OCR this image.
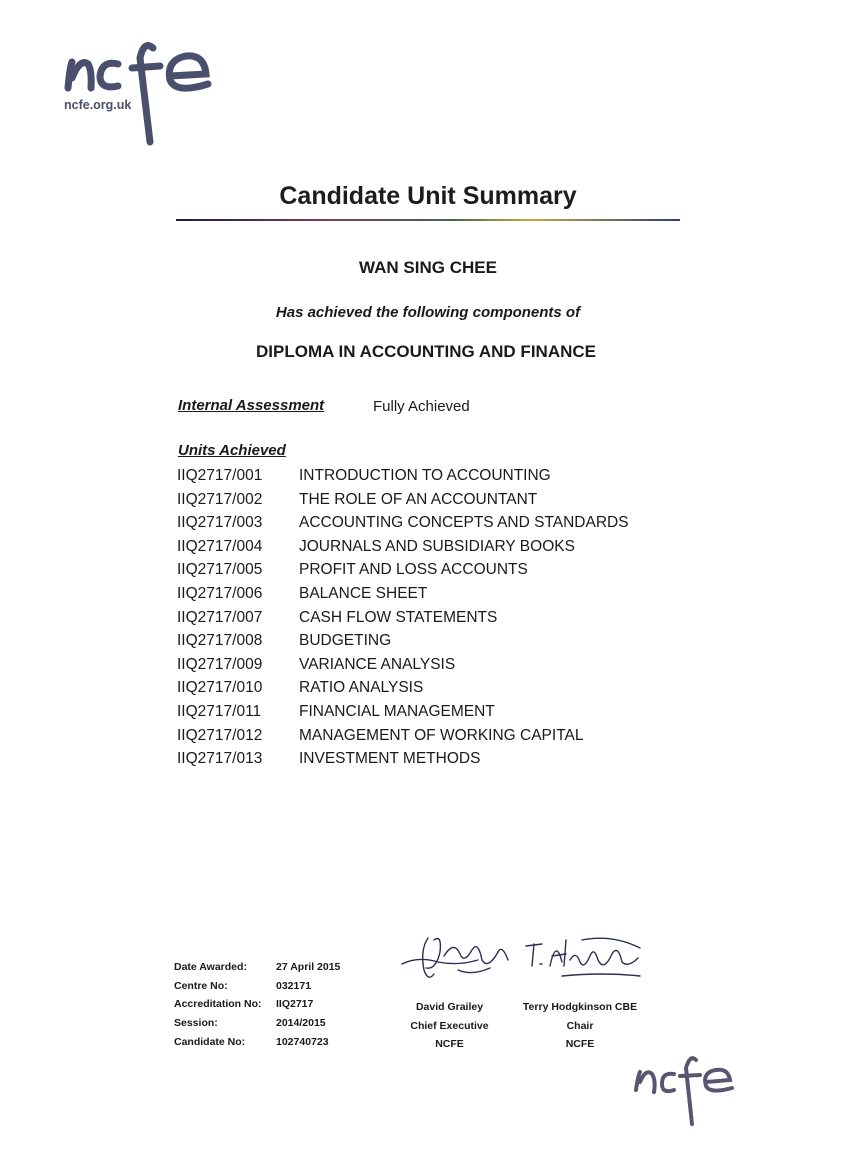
ncfe.org.uk
Candidate Unit Summary
WAN SING CHEE
Has achieved the following components of
DIPLOMA IN ACCOUNTING AND FINANCE
Internal Assessment	Fully Achieved
Units Achieved
IIQ2717/001 INTRODUCTION TO ACCOUNTING
IIQ2717/002 THE ROLE OF AN ACCOUNTANT
IIQ2717/003 ACCOUNTING CONCEPTS AND STANDARDS
IIQ2717/004 JOURNALS AND SUBSIDIARY BOOKS
IIQ2717/005 PROFIT AND LOSS ACCOUNTS
IIQ2717/006 BALANCE SHEET
IIQ2717/007 CASH FLOW STATEMENTS
IIQ2717/008 BUDGETING
IIQ2717/009 VARIANCE ANALYSIS
IIQ2717/010 RATIO ANALYSIS
IIQ2717/011 FINANCIAL MANAGEMENT
IIQ2717/012 MANAGEMENT OF WORKING CAPITAL
IIQ2717/013 INVESTMENT METHODS
Date Awarded:	27 April 2015
Centre No:	032171
Accreditation No: IIQ2717
Session:	2014/2015
Candidate No:	102740723
David Grailey
Chief Executive
NCFE
Terry Hodgkinson CBE
Chair
NCFE
